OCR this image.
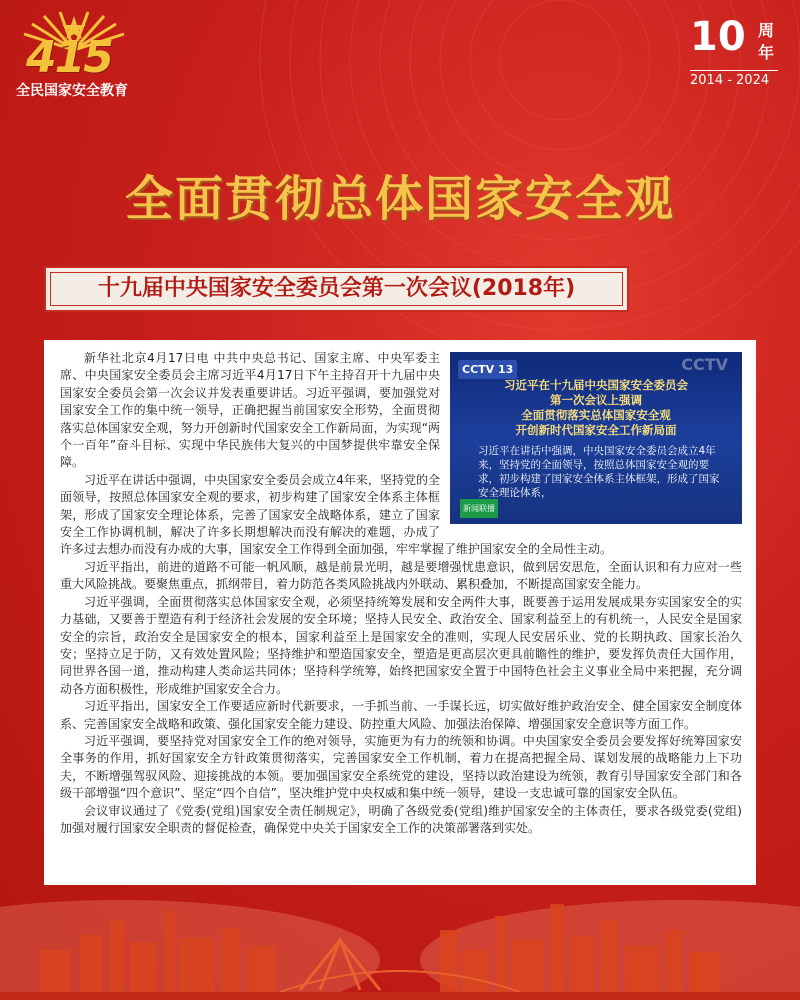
415
全民国家安全教育
10 周
年
2014 - 2024
全面贯彻总体国家安全观
十九届中央国家安全委员会第一次会议(2018年)
CCTV 13	CCTV
习近平在十九届中央国家安全委员会
第一次会议上强调
全面贯彻落实总体国家安全观
开创新时代国家安全工作新局面
习近平在讲话中强调，中央国家安全委员会成立4年来，坚持党的全面领导，按照总体国家安全观的要求，初步构建了国家安全体系主体框架，形成了国家安全理论体系，
新闻联播

新华社北京4月17日电 中共中央总书记、国家主席、中央军委主席、中央国家安全委员会主席习近平4月17日下午主持召开十九届中央国家安全委员会第一次会议并发表重要讲话。习近平强调，要加强党对国家安全工作的集中统一领导，正确把握当前国家安全形势，全面贯彻落实总体国家安全观，努力开创新时代国家安全工作新局面，为实现“两个一百年”奋斗目标、实现中华民族伟大复兴的中国梦提供牢靠安全保障。

习近平在讲话中强调，中央国家安全委员会成立4年来，坚持党的全面领导，按照总体国家安全观的要求，初步构建了国家安全体系主体框架，形成了国家安全理论体系，完善了国家安全战略体系，建立了国家安全工作协调机制，解决了许多长期想解决而没有解决的难题，办成了许多过去想办而没有办成的大事，国家安全工作得到全面加强，牢牢掌握了维护国家安全的全局性主动。

习近平指出，前进的道路不可能一帆风顺，越是前景光明，越是要增强忧患意识，做到居安思危，全面认识和有力应对一些重大风险挑战。要聚焦重点，抓纲带目，着力防范各类风险挑战内外联动、累积叠加，不断提高国家安全能力。

习近平强调，全面贯彻落实总体国家安全观，必须坚持统筹发展和安全两件大事，既要善于运用发展成果夯实国家安全的实力基础，又要善于塑造有利于经济社会发展的安全环境；坚持人民安全、政治安全、国家利益至上的有机统一，人民安全是国家安全的宗旨，政治安全是国家安全的根本，国家利益至上是国家安全的准则，实现人民安居乐业、党的长期执政、国家长治久安；坚持立足于防，又有效处置风险；坚持维护和塑造国家安全，塑造是更高层次更具前瞻性的维护，要发挥负责任大国作用，同世界各国一道，推动构建人类命运共同体；坚持科学统筹，始终把国家安全置于中国特色社会主义事业全局中来把握，充分调动各方面积极性，形成维护国家安全合力。

习近平指出，国家安全工作要适应新时代新要求，一手抓当前、一手谋长远，切实做好维护政治安全、健全国家安全制度体系、完善国家安全战略和政策、强化国家安全能力建设、防控重大风险、加强法治保障、增强国家安全意识等方面工作。

习近平强调，要坚持党对国家安全工作的绝对领导，实施更为有力的统领和协调。中央国家安全委员会要发挥好统筹国家安全事务的作用，抓好国家安全方针政策贯彻落实，完善国家安全工作机制，着力在提高把握全局、谋划发展的战略能力上下功夫，不断增强驾驭风险、迎接挑战的本领。要加强国家安全系统党的建设，坚持以政治建设为统领，教育引导国家安全部门和各级干部增强“四个意识”、坚定“四个自信”，坚决维护党中央权威和集中统一领导，建设一支忠诚可靠的国家安全队伍。

会议审议通过了《党委(党组)国家安全责任制规定》，明确了各级党委(党组)维护国家安全的主体责任，要求各级党委(党组)加强对履行国家安全职责的督促检查，确保党中央关于国家安全工作的决策部署落到实处。
